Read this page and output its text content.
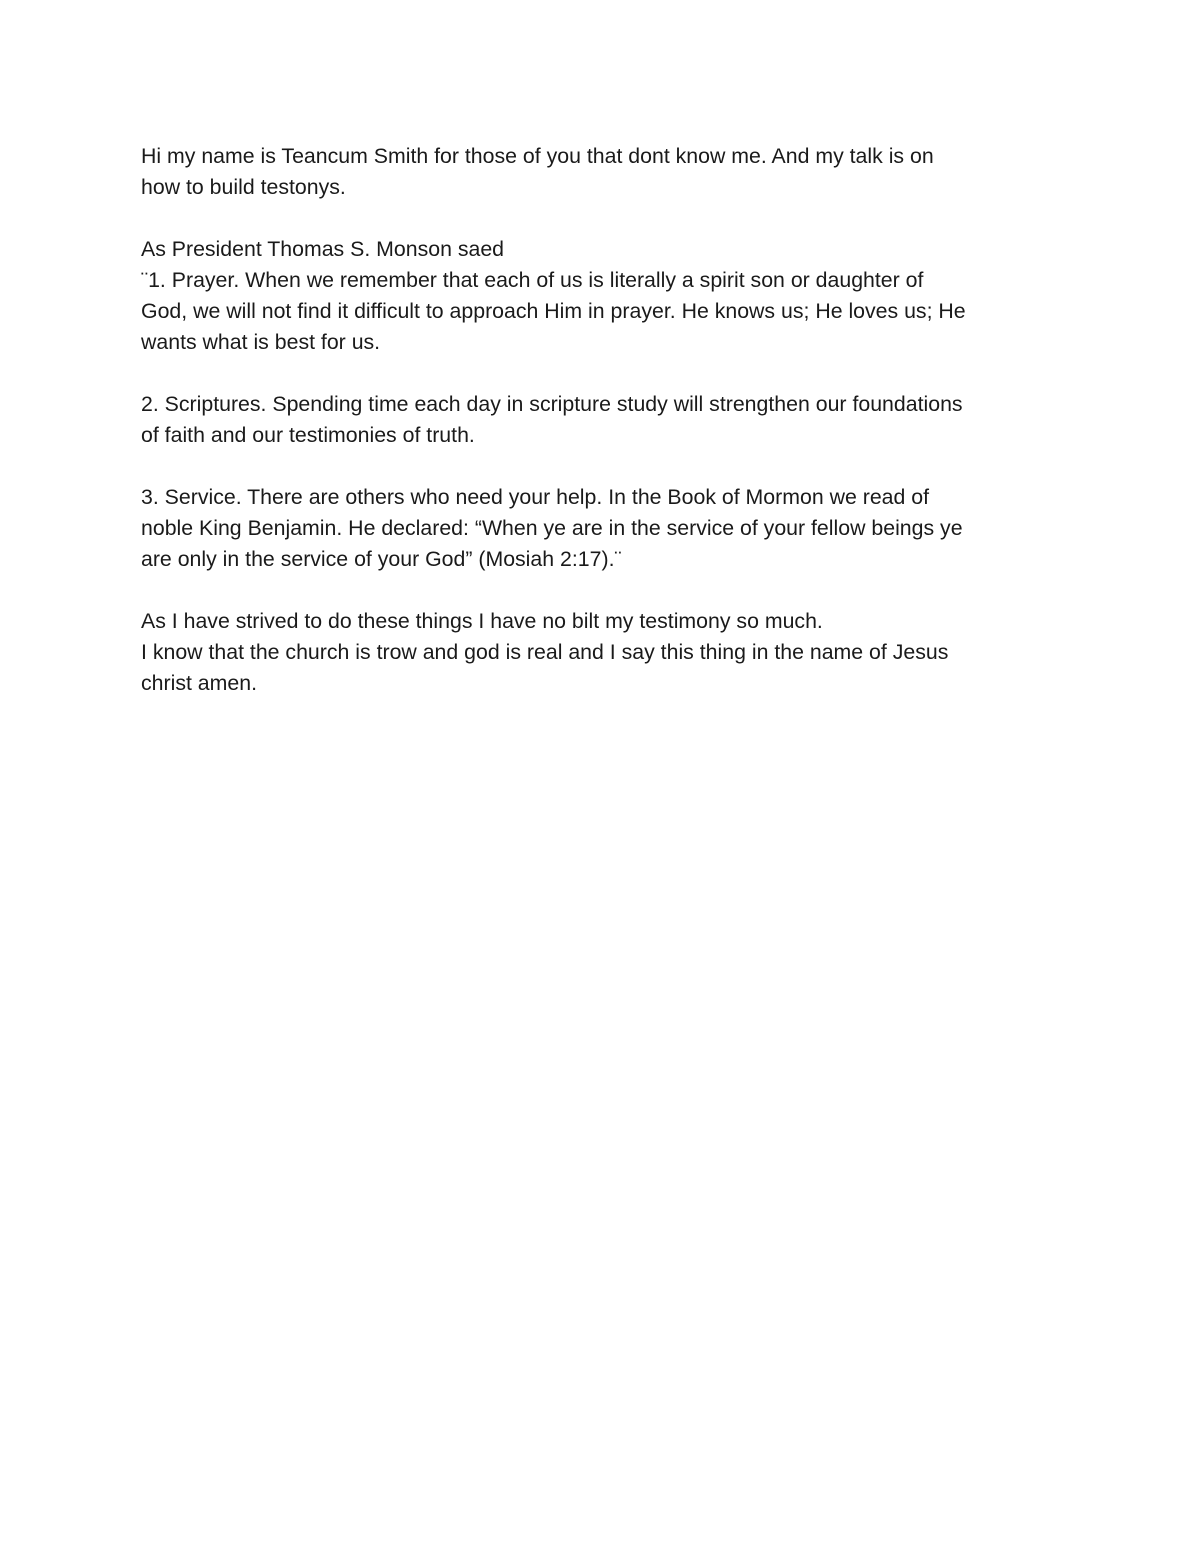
Hi my name is Teancum Smith for those of you that dont know me. And my talk is on
how to build testonys.
As President Thomas S. Monson saed
¨1. Prayer. When we remember that each of us is literally a spirit son or daughter of
God, we will not find it difficult to approach Him in prayer. He knows us; He loves us; He
wants what is best for us.
2. Scriptures. Spending time each day in scripture study will strengthen our foundations
of faith and our testimonies of truth.
3. Service. There are others who need your help. In the Book of Mormon we read of
noble King Benjamin. He declared: “When ye are in the service of your fellow beings ye
are only in the service of your God” (Mosiah 2:17).¨
As I have strived to do these things I have no bilt my testimony so much.
I know that the church is trow and god is real and I say this thing in the name of Jesus
christ amen.
